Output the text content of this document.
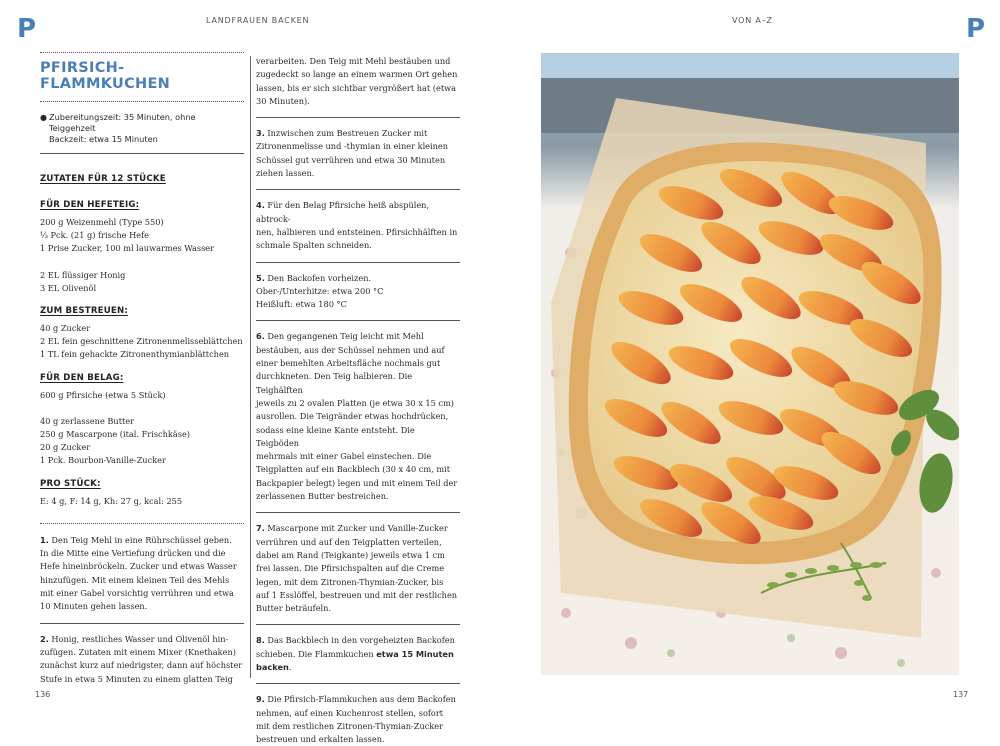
P	P
LANDFRAUEN BACKEN	VON A–Z
136	137
PFIRSICH-FLAMMKUCHEN
● Zubereitungszeit: 35 Minuten, ohne Teiggehzeit
Backzeit: etwa 15 Minuten
ZUTATEN FÜR 12 STÜCKE
FÜR DEN HEFETEIG:
200 g Weizenmehl (Type 550)
⅓ Pck. (21 g) frische Hefe
1 Prise Zucker, 100 ml lauwarmes Wasser
2 EL flüssiger Honig
3 EL Olivenöl
ZUM BESTREUEN:
40 g Zucker
2 EL fein geschnittene Zitronenmelisseblättchen
1 TL fein gehackte Zitronenthymianblättchen
FÜR DEN BELAG:
600 g Pfirsiche (etwa 5 Stück)
40 g zerlassene Butter
250 g Mascarpone (ital. Frischkäse)
20 g Zucker
1 Pck. Bourbon-Vanille-Zucker
PRO STÜCK:
E: 4 g, F: 14 g, Kh: 27 g, kcal: 255
1. Den Teig Mehl in eine Rührschüssel geben.
In die Mitte eine Vertiefung drücken und die
Hefe hineinbröckeln. Zucker und etwas Wasser
hinzufügen. Mit einem kleinen Teil des Mehls
mit einer Gabel vorsichtig verrühren und etwa
10 Minuten gehen lassen.
2. Honig, restliches Wasser und Olivenöl hin-
zufügen. Zutaten mit einem Mixer (Knethaken)
zunächst kurz auf niedrigster, dann auf höchster
Stufe in etwa 5 Minuten zu einem glatten Teig
verarbeiten. Den Teig mit Mehl bestäuben und
zugedeckt so lange an einem warmen Ort gehen
lassen, bis er sich sichtbar vergrößert hat (etwa
30 Minuten).
3. Inzwischen zum Bestreuen Zucker mit
Zitronenmelisse und -thymian in einer kleinen
Schüssel gut verrühren und etwa 30 Minuten
ziehen lassen.
4. Für den Belag Pfirsiche heiß abspülen, abtrock-
nen, halbieren und entsteinen. Pfirsichhälften in
schmale Spalten schneiden.
5. Den Backofen vorheizen.
Ober-/Unterhitze: etwa 200 °C
Heißluft: etwa 180 °C
6. Den gegangenen Teig leicht mit Mehl
bestäuben, aus der Schüssel nehmen und auf
einer bemehlten Arbeitsfläche nochmals gut
durchkneten. Den Teig halbieren. Die Teighälften
jeweils zu 2 ovalen Platten (je etwa 30 x 15 cm)
ausrollen. Die Teigränder etwas hochdrücken,
sodass eine kleine Kante entsteht. Die Teigböden
mehrmals mit einer Gabel einstechen. Die
Teigplatten auf ein Backblech (30 x 40 cm, mit
Backpapier belegt) legen und mit einem Teil der
zerlassenen Butter bestreichen.
7. Mascarpone mit Zucker und Vanille-Zucker
verrühren und auf den Teigplatten verteilen,
dabei am Rand (Teigkante) jeweils etwa 1 cm
frei lassen. Die Pfirsichspalten auf die Creme
legen, mit dem Zitronen-Thymian-Zucker, bis
auf 1 Esslöffel, bestreuen und mit der restlichen
Butter beträufeln.
8. Das Backblech in den vorgeheizten Backofen
schieben. Die Flammkuchen etwa 15 Minuten
backen.
9. Die Pfirsich-Flammkuchen aus dem Backofen
nehmen, auf einen Kuchenrost stellen, sofort
mit dem restlichen Zitronen-Thymian-Zucker
bestreuen und erkalten lassen.
